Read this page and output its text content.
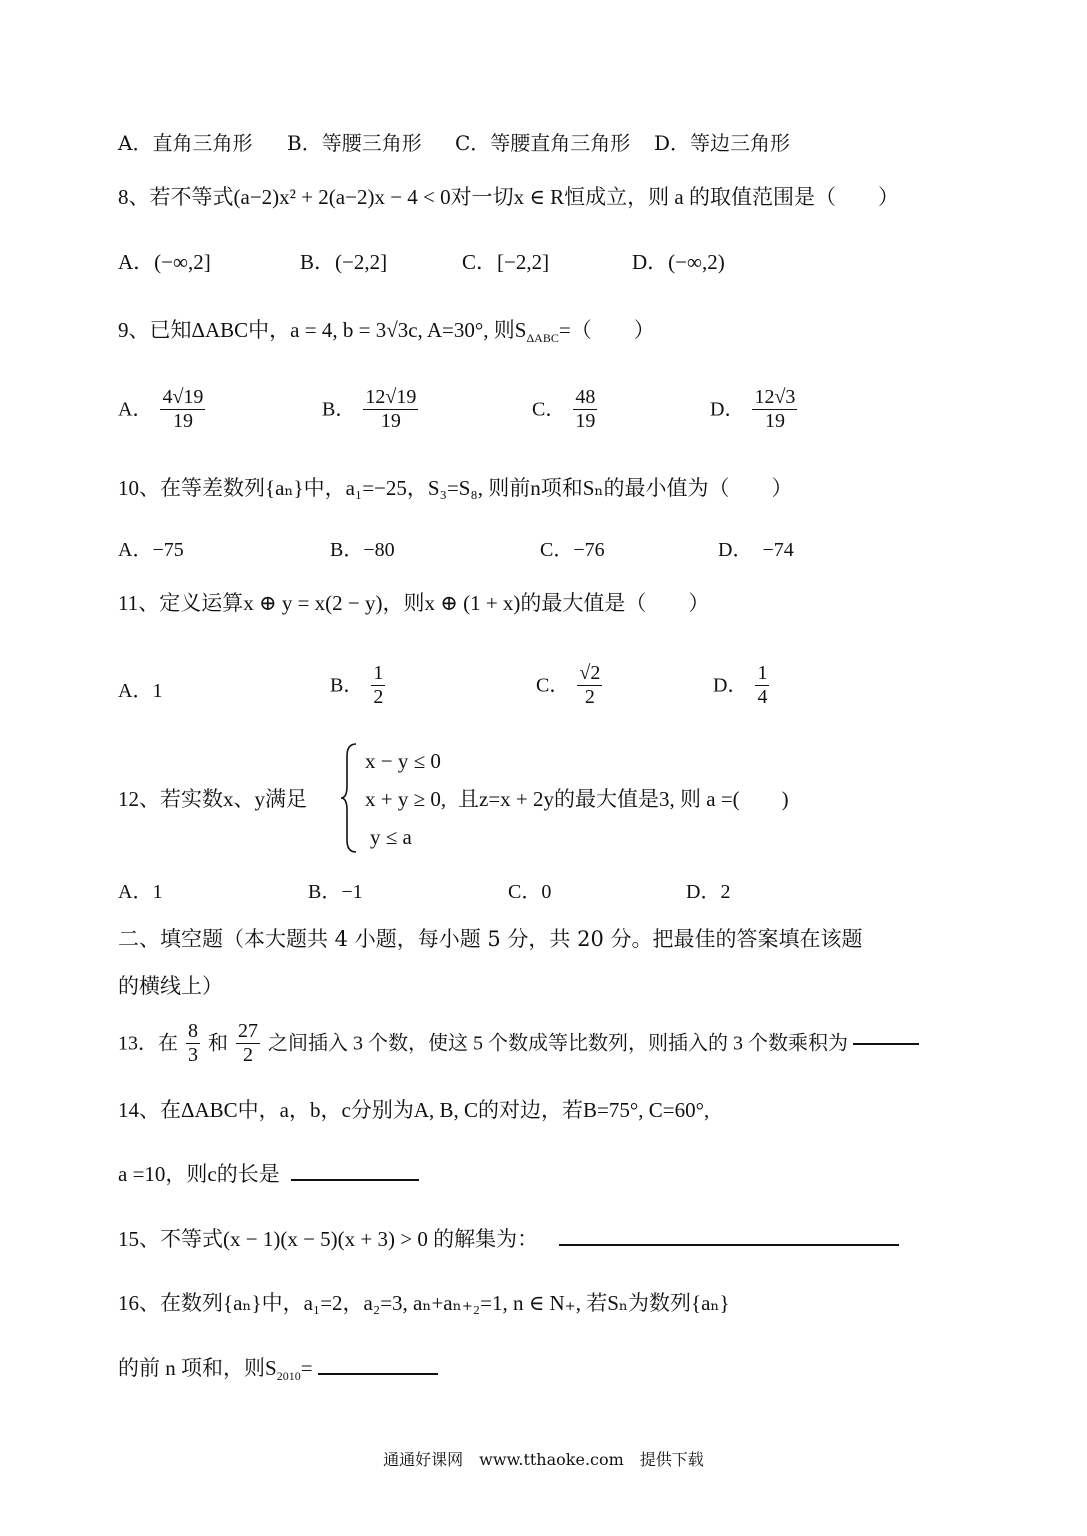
A．直角三角形 B．等腰三角形 C．等腰直角三角形 D．等边三角形
8、若不等式(a−2)x² + 2(a−2)x − 4 < 0对一切x ∈ R恒成立，则 a 的取值范围是（　　）
A．(−∞,2]	B．(−2,2]	C．[−2,2]	D．(−∞,2)
9、已知ΔABC中，a = 4, b = 3√3c, A=30°, 则$S_{\Delta ABC}=$（　　）
A． $\frac{4√19}{19}$	B． $\frac{12√19}{19}$	C． $\frac{48}{19}$	D． $\frac{12√3}{19}$
10、在等差数列{aₙ}中，a₁=−25，S₃=S₈, 则前n项和Sₙ的最小值为（　　）
A．−75	B．−80	C．−76	D．　−74
11、定义运算x ⊕ y = x(2 − y)，则x ⊕ (1 + x)的最大值是（　　）
A．1	B． $\frac{1}{2}$	C． $\frac{√2}{2}$	D． $\frac{1}{4}$
12、若实数x、y满足
x − y ≤ 0
x + y ≥ 0,
y ≤ a
且z=x + 2y的最大值是3, 则 a =(　　)
A．1	B．−1	C．0	D．2
二、填空题（本大题共 4 小题，每小题 5 分，共 20 分。把最佳的答案填在该题
的横线上）
13．在 $\frac{8}{3}$ 和 $\frac{27}{2}$ 之间插入 3 个数，使这 5 个数成等比数列，则插入的 3 个数乘积为
14、在ΔABC中，a，b，c分别为A, B, C的对边，若B=75°, C=60°,
a =10，则c的长是
15、不等式(x − 1)(x − 5)(x + 3) > 0 的解集为：
16、在数列{aₙ}中，a₁=2，a₂=3, aₙ+aₙ₊₂=1, n ∈ N₊, 若Sₙ为数列{aₙ}
的前 n 项和，则$S_{2010}=$
通通好课网　www.tthaoke.com　提供下载
